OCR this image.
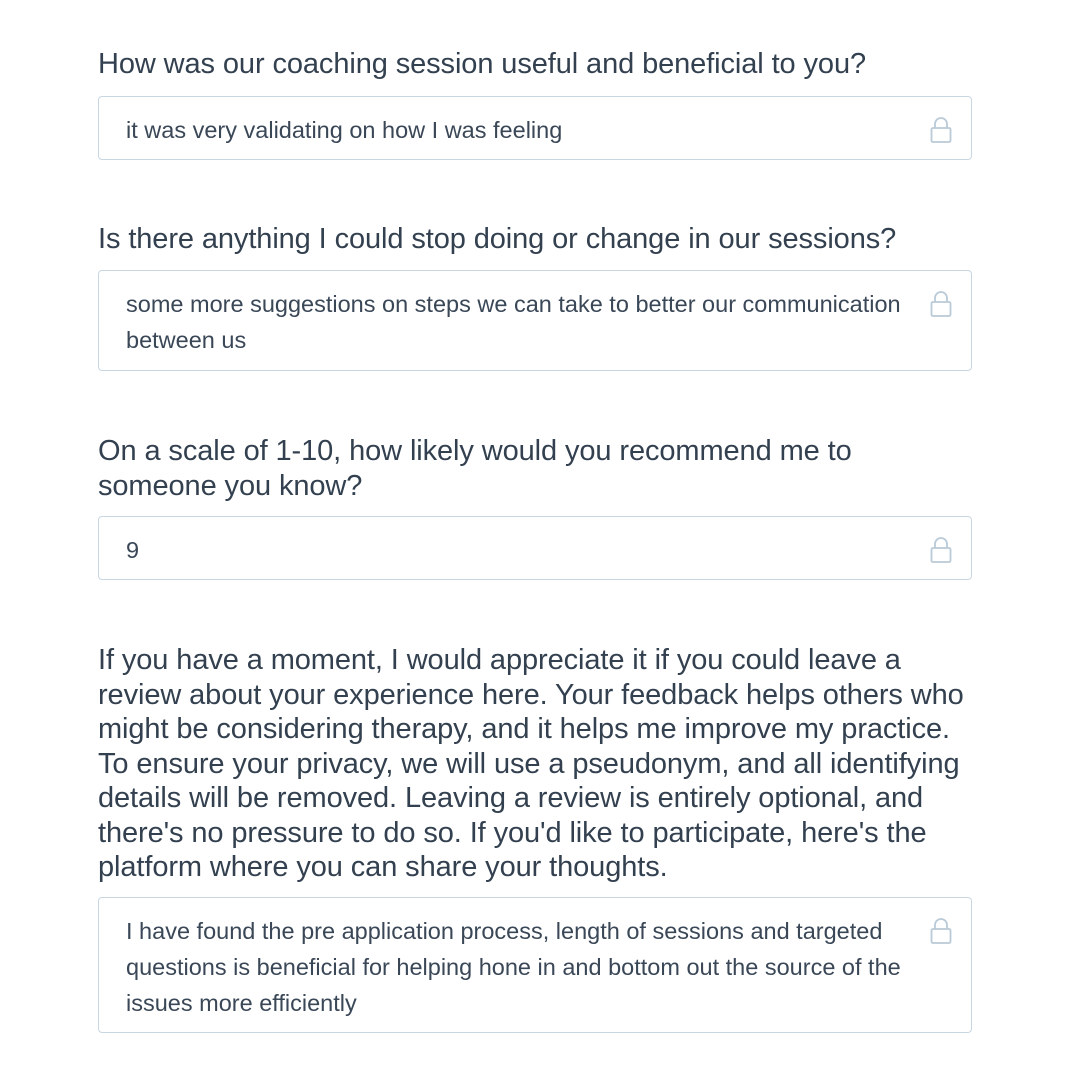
How was our coaching session useful and beneficial to you?

it was very validating on how I was feeling

Is there anything I could stop doing or change in our sessions?

some more suggestions on steps we can take to better our communication between us

On a scale of 1-10, how likely would you recommend me to someone you know?

9

If you have a moment, I would appreciate it if you could leave a review about your experience here. Your feedback helps others who might be considering therapy, and it helps me improve my practice. To ensure your privacy, we will use a pseudonym, and all identifying details will be removed. Leaving a review is entirely optional, and there's no pressure to do so. If you'd like to participate, here's the platform where you can share your thoughts.

I have found the pre application process, length of sessions and targeted questions is beneficial for helping hone in and bottom out the source of the issues more efficiently
